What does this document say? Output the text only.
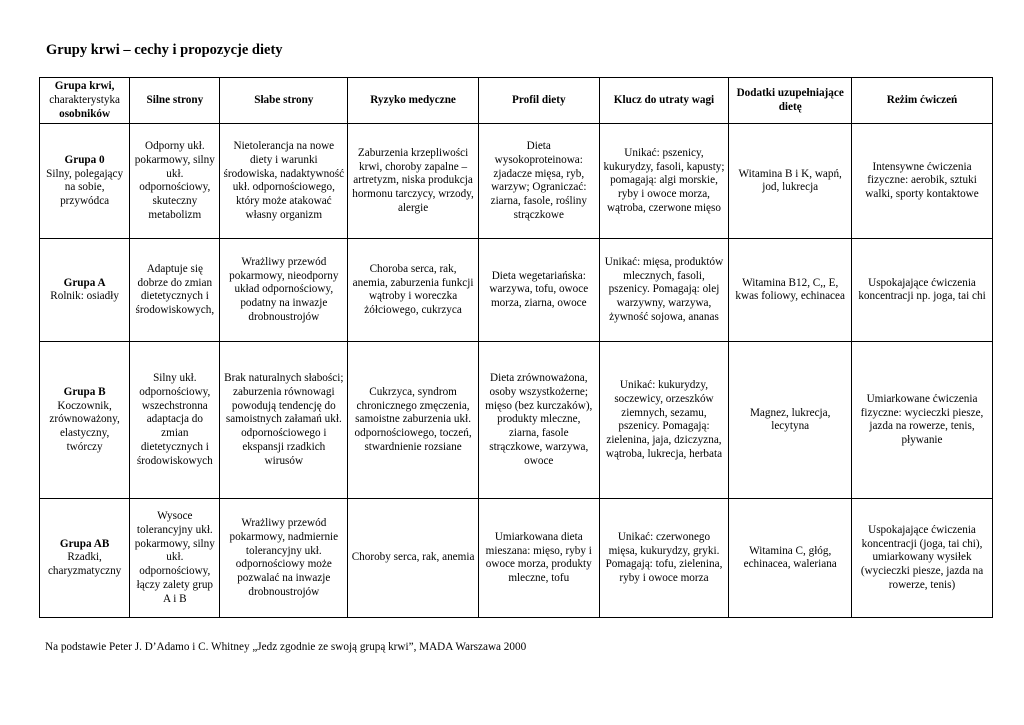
Grupy krwi – cechy i propozycje diety
Grupa krwi,
charakterystyka
osobników	Silne strony	Słabe strony	Ryzyko medyczne	Profil diety	Klucz do utraty wagi	Dodatki uzupełniające dietę	Reżim ćwiczeń

Grupa 0
Silny, polegający na sobie, przywódca	Odporny ukł. pokarmowy, silny ukł. odpornościowy, skuteczny metabolizm	Nietolerancja na nowe diety i warunki środowiska, nadaktywność ukł. odpornościowego, który może atakować własny organizm	Zaburzenia krzepliwości krwi, choroby zapalne – artretyzm, niska produkcja hormonu tarczycy, wrzody, alergie	Dieta wysokoproteinowa: zjadacze mięsa, ryb, warzyw; Ograniczać: ziarna, fasole, rośliny strączkowe	Unikać: pszenicy, kukurydzy, fasoli, kapusty; pomagają: algi morskie, ryby i owoce morza, wątroba, czerwone mięso	Witamina B i K, wapń, jod, lukrecja	Intensywne ćwiczenia fizyczne: aerobik, sztuki walki, sporty kontaktowe

Grupa A
Rolnik: osiadły	Adaptuje się dobrze do zmian dietetycznych i środowiskowych,	Wrażliwy przewód pokarmowy, nieodporny układ odpornościowy, podatny na inwazje drobnoustrojów	Choroba serca, rak, anemia, zaburzenia funkcji wątroby i woreczka żółciowego, cukrzyca	Dieta wegetariańska: warzywa, tofu, owoce morza, ziarna, owoce	Unikać: mięsa, produktów mlecznych, fasoli, pszenicy. Pomagają: olej warzywny, warzywa, żywność sojowa, ananas	Witamina B12, C,, E, kwas foliowy, echinacea	Uspokajające ćwiczenia koncentracji np. joga, tai chi

Grupa B
Koczownik, zrównoważony, elastyczny, twórczy	Silny ukł. odpornościowy, wszechstronna adaptacja do zmian dietetycznych i środowiskowych	Brak naturalnych słabości; zaburzenia równowagi powodują tendencję do samoistnych załamań ukł. odpornościowego i ekspansji rzadkich wirusów	Cukrzyca, syndrom chronicznego zmęczenia, samoistne zaburzenia ukł. odpornościowego, toczeń, stwardnienie rozsiane	Dieta zrównoważona, osoby wszystkożerne; mięso (bez kurczaków), produkty mleczne, ziarna, fasole strączkowe, warzywa, owoce	Unikać: kukurydzy, soczewicy, orzeszków ziemnych, sezamu, pszenicy. Pomagają: zielenina, jaja, dziczyzna, wątroba, lukrecja, herbata	Magnez, lukrecja, lecytyna	Umiarkowane ćwiczenia fizyczne: wycieczki piesze, jazda na rowerze, tenis, pływanie

Grupa AB
Rzadki, charyzmatyczny	Wysoce tolerancyjny ukł. pokarmowy, silny ukł. odpornościowy, łączy zalety grup A i B	Wrażliwy przewód pokarmowy, nadmiernie tolerancyjny ukł. odpornościowy może pozwalać na inwazje drobnoustrojów	Choroby serca, rak, anemia	Umiarkowana dieta mieszana: mięso, ryby i owoce morza, produkty mleczne, tofu	Unikać: czerwonego mięsa, kukurydzy, gryki. Pomagają: tofu, zielenina, ryby i owoce morza	Witamina C, głóg, echinacea, waleriana	Uspokajające ćwiczenia koncentracji (joga, tai chi), umiarkowany wysiłek (wycieczki piesze, jazda na rowerze, tenis)
Na podstawie Peter J. D’Adamo i C. Whitney „Jedz zgodnie ze swoją grupą krwi”, MADA Warszawa 2000
